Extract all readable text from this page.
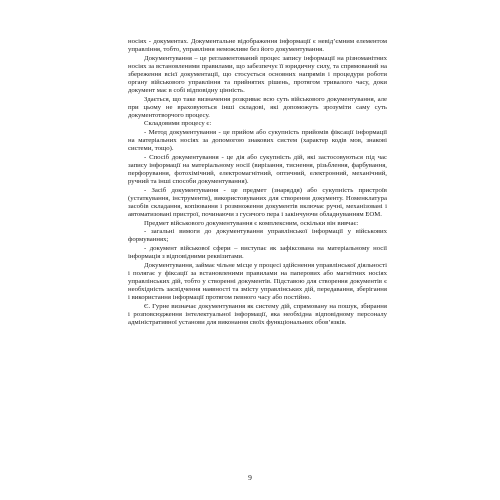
носіях - документах. Документальне відображення інформації є невід’ємним елементом управління, тобто, управління неможливе без його документування.

Документування – це регламентований процес запису інформації на різноманітних носіях за встановленими правилами, що забезпечує її юридичну силу, та спрямований на збереження всієї документації, що стосується основних напрямів і процедури роботи органу військового управління та прийнятих рішень, протягом тривалого часу, доки документ має в собі відповідну цінність.

Здається, що таке визначення розкриває всю суть військового документування, але при цьому не враховуються інші складові, які допоможуть зрозуміти саму суть документотворчого процесу.

Складовими процесу є:

- Метод документування - це прийом або сукупність прийомів фіксації інформації на матеріальних носіях за допомогою знакових систем (характер кодів мов, знакові системи, тощо).

- Спосіб документування - це дія або сукупність дій, які застосовуються під час запису інформації на матеріальному носії (вирізання, тиснення, різьблення, фарбування, перфорування, фотохімічний, електромагнітний, оптичний, електронний, механічний, ручний та інші способи документування).

- Засіб документування - це предмет (знаряддя) або сукупність пристроїв (устаткування, інструменти), використовуваних для створення документу. Номенклатура засобів складання, копіювання і розмноження документів включає ручні, механізовані і автоматизовані пристрої, починаючи з гусячого пера і закінчуючи обладнуванням ЕОМ.

Предмет військового документування є комплексним, оскільки він вивчає:

- загальні вимоги до документування управлінської інформації у військових формуваннях;

- документ військової сфери – виступає як зафіксована на матеріальному носії інформація з відповідними реквізитами.

Документування, займає чільне місце у процесі здійснення управлінської діяльності і полягає у фіксації за встановленими правилами на паперових або магнітних носіях управлінських дій, тобто у створенні документів. Підставою для створення документів є необхідність засвідчення наявності та змісту управлінських дій, передавання, зберігання і використання інформації протягом певного часу або постійно.

Є. Гурне визначає документування як систему дій, спрямовану на пошук, збирання і розповсюдження інтелектуальної інформації, яка необхідна відповідному персоналу адміністративної установи для виконання своїх функціональних обов’язків.

9
